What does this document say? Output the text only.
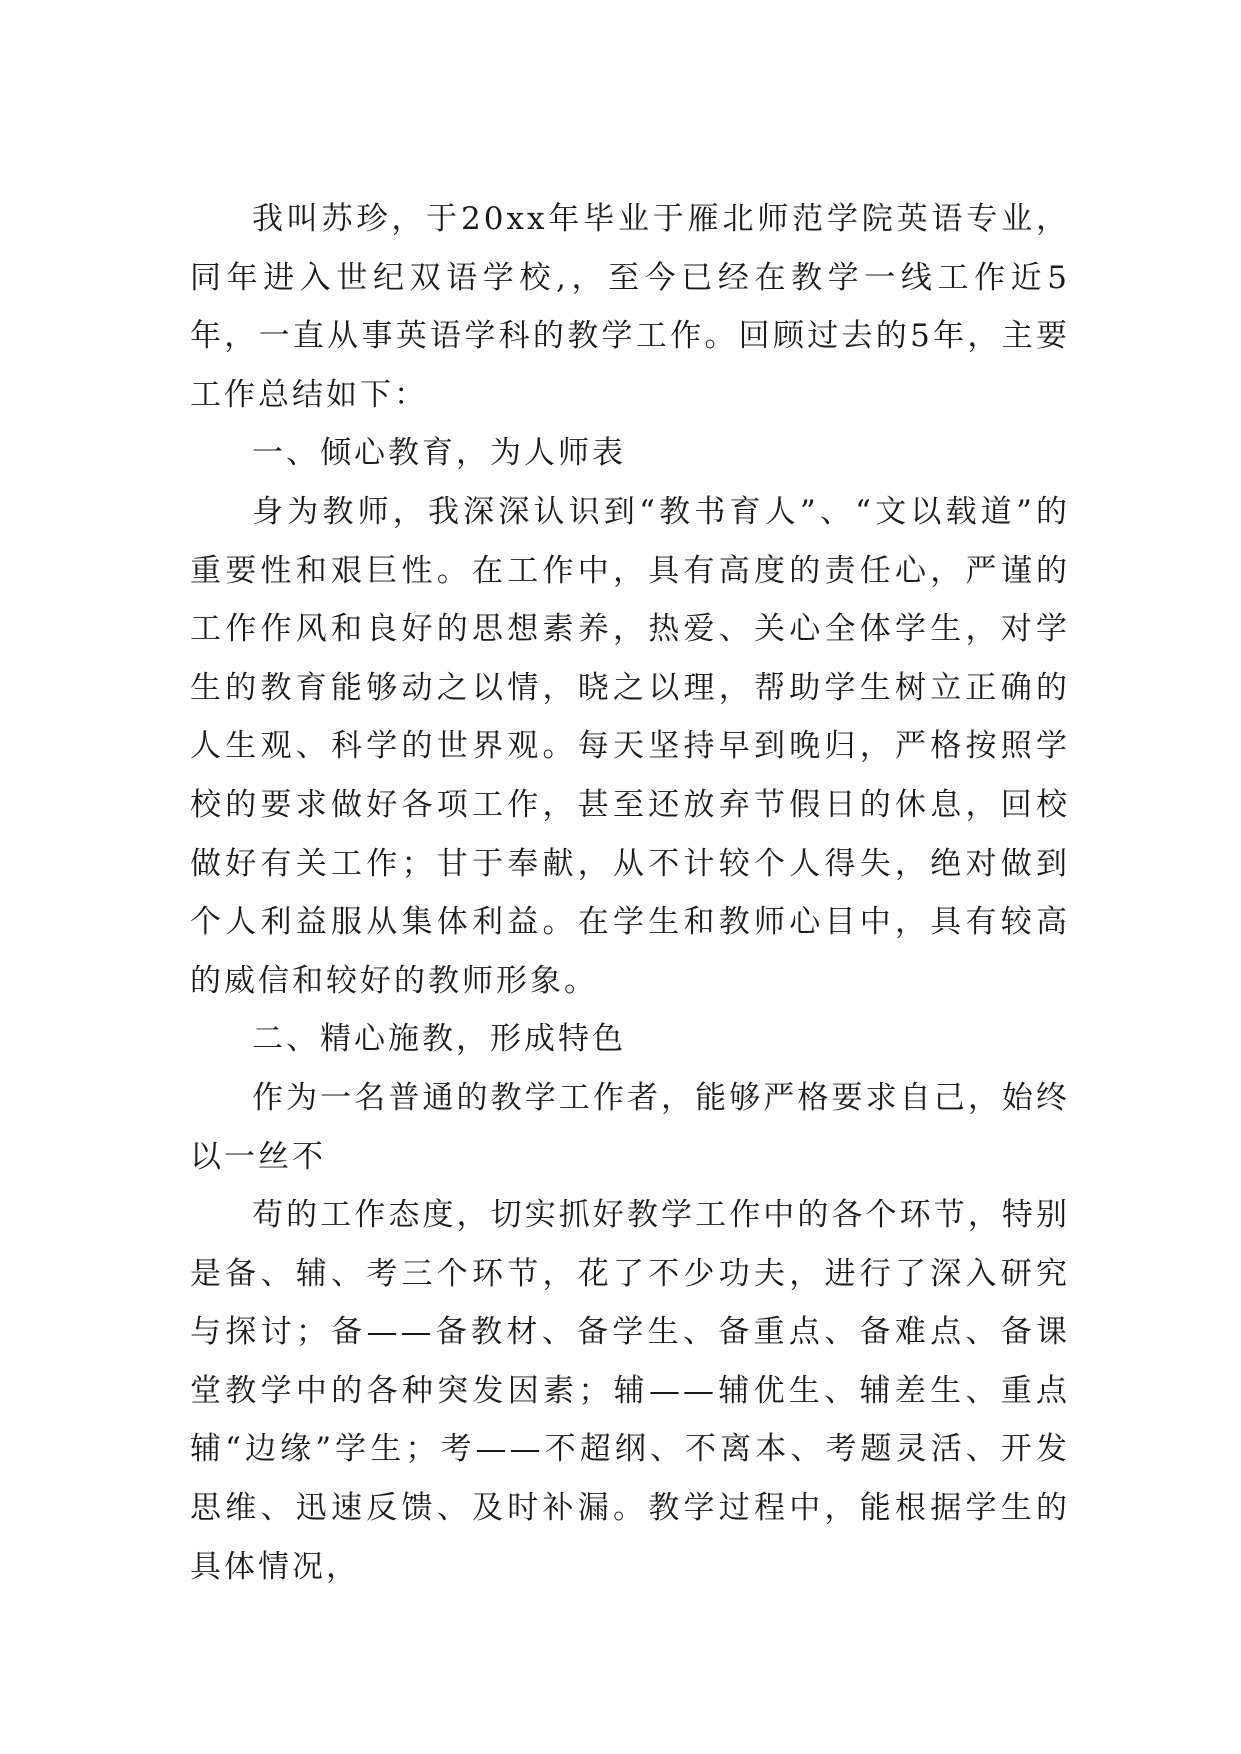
我叫苏珍，于20xx年毕业于雁北师范学院英语专业，同年进入世纪双语学校,，至今已经在教学一线工作近5年，一直从事英语学科的教学工作。回顾过去的5年，主要工作总结如下：

一、倾心教育，为人师表

身为教师，我深深认识到“教书育人”、“文以载道”的重要性和艰巨性。在工作中，具有高度的责任心，严谨的工作作风和良好的思想素养，热爱、关心全体学生，对学生的教育能够动之以情，晓之以理，帮助学生树立正确的人生观、科学的世界观。每天坚持早到晚归，严格按照学校的要求做好各项工作，甚至还放弃节假日的休息，回校做好有关工作；甘于奉献，从不计较个人得失，绝对做到个人利益服从集体利益。在学生和教师心目中，具有较高的威信和较好的教师形象。

二、精心施教，形成特色

作为一名普通的教学工作者，能够严格要求自己，始终以一丝不

苟的工作态度，切实抓好教学工作中的各个环节，特别是备、辅、考三个环节，花了不少功夫，进行了深入研究与探讨；备——备教材、备学生、备重点、备难点、备课堂教学中的各种突发因素；辅——辅优生、辅差生、重点辅“边缘”学生；考——不超纲、不离本、考题灵活、开发思维、迅速反馈、及时补漏。教学过程中，能根据学生的具体情况，
